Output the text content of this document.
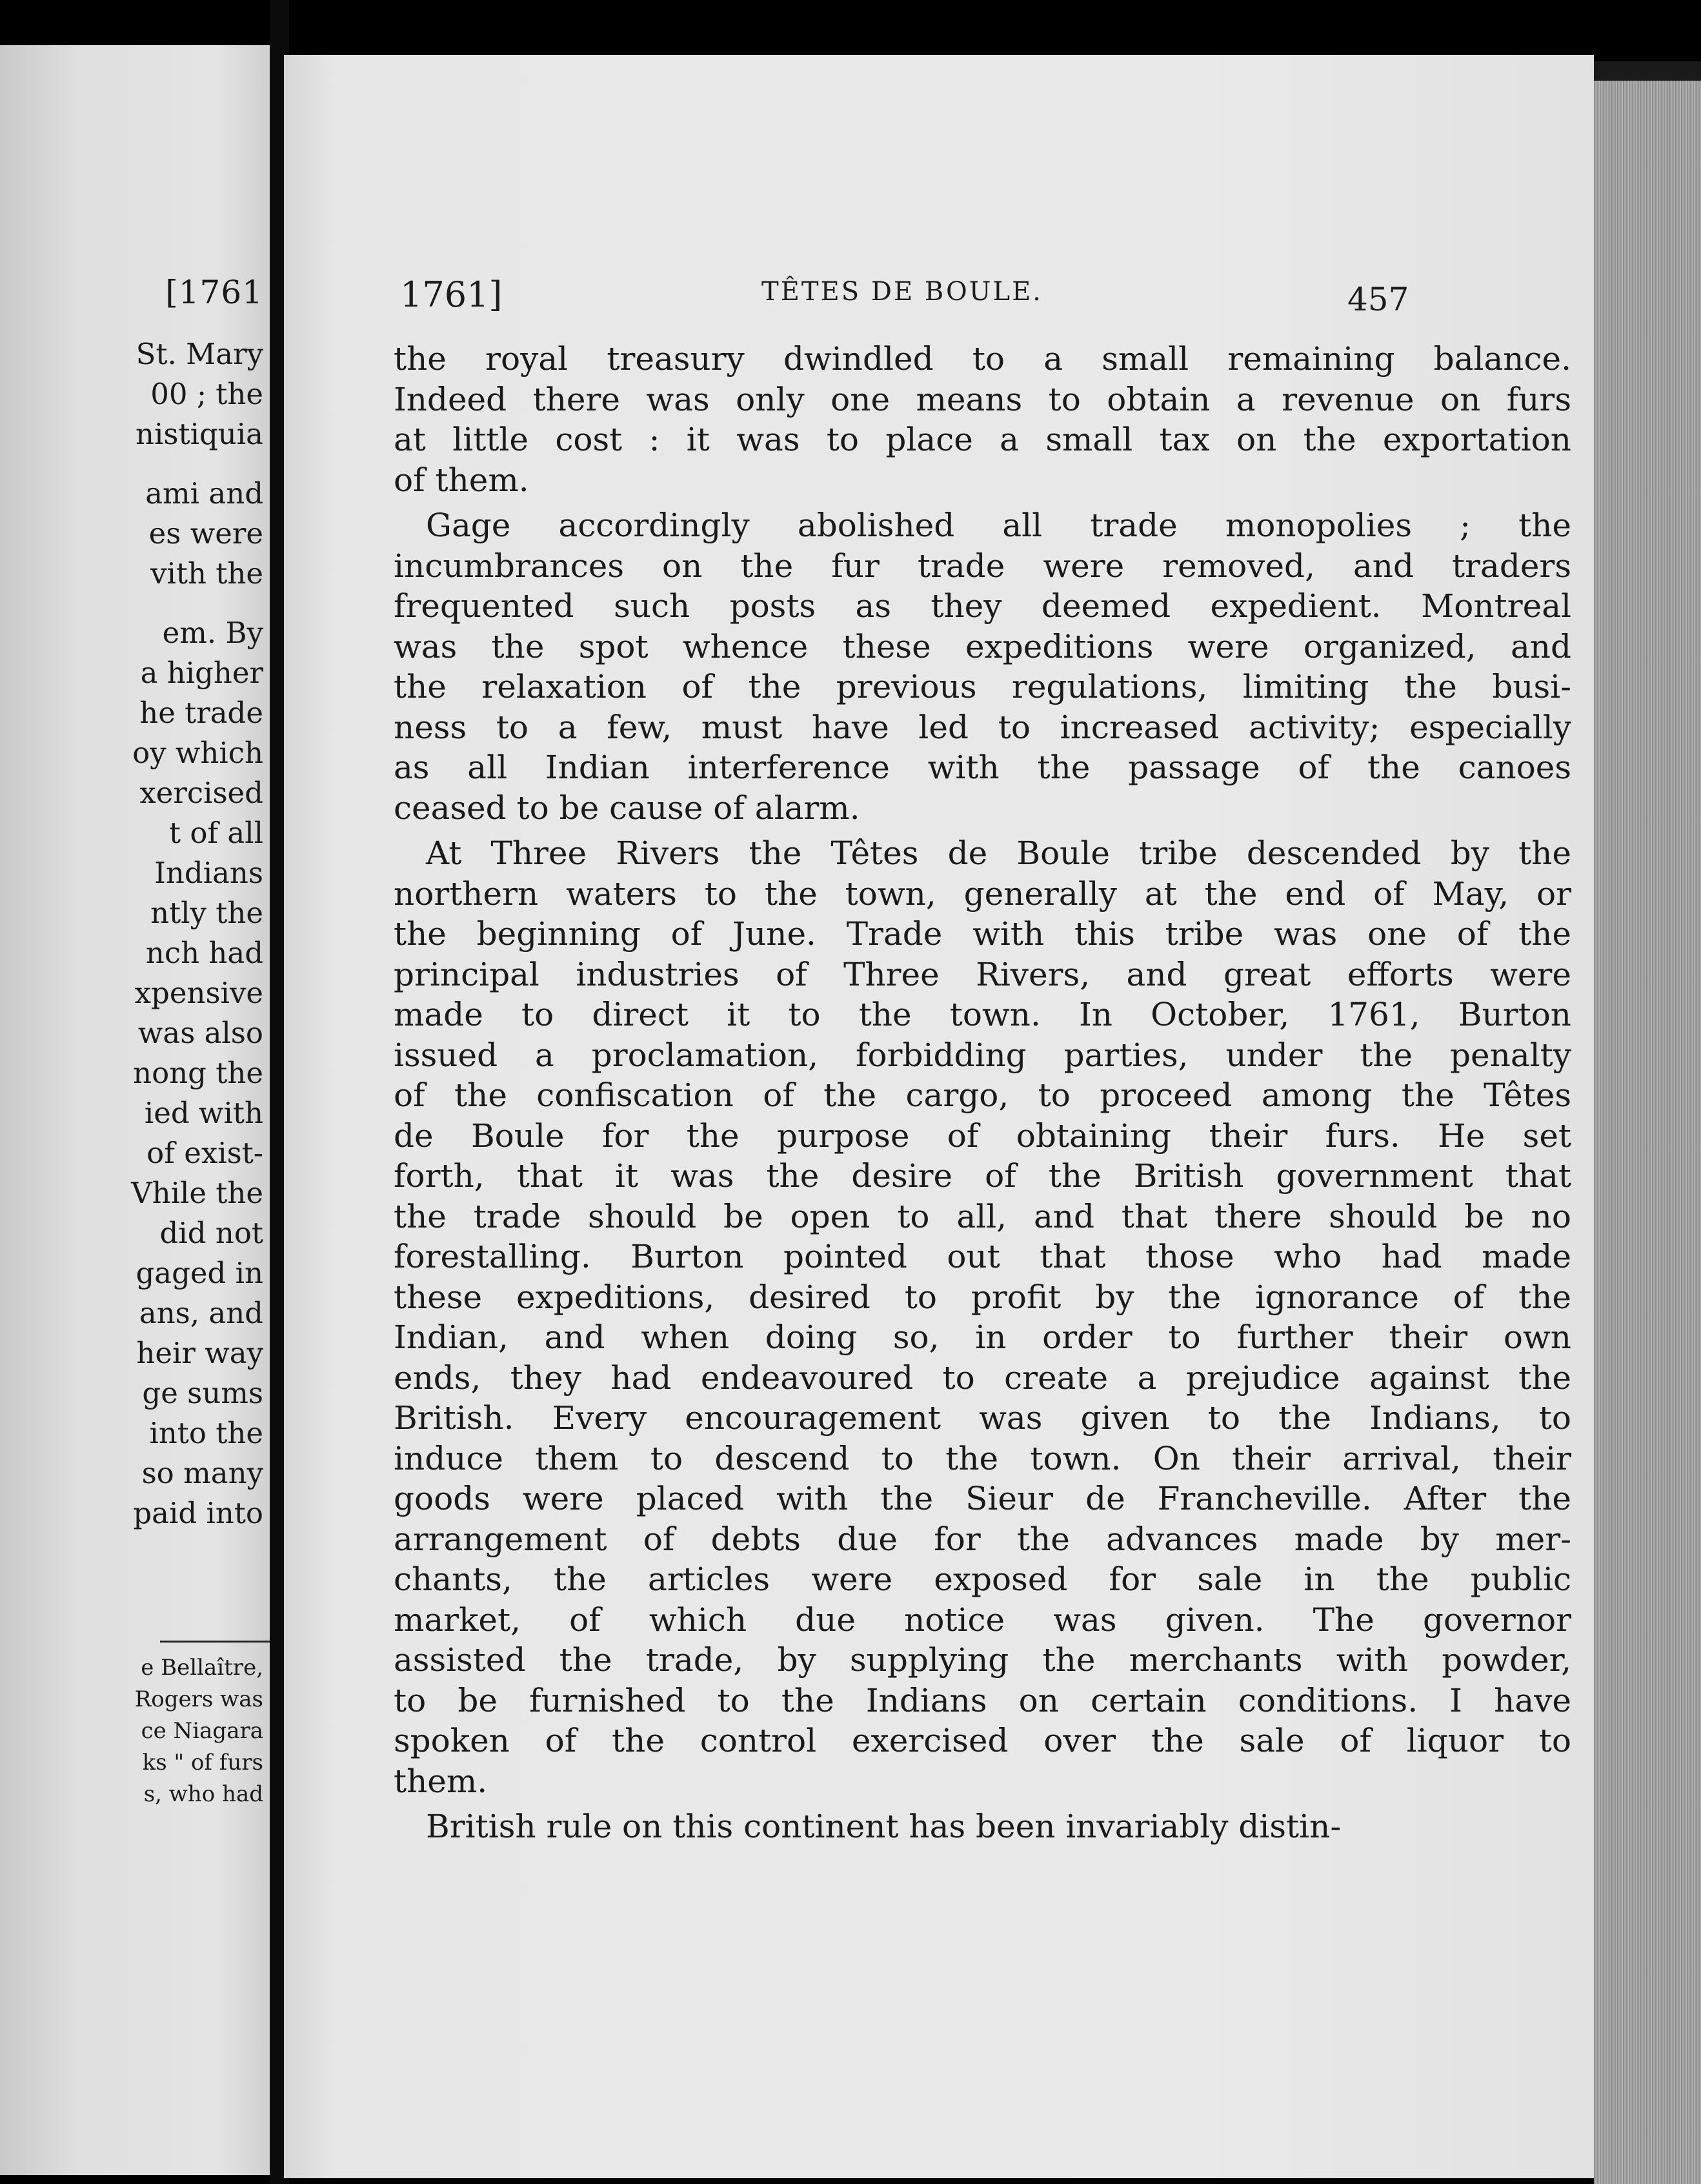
[1761
St. Mary
00 ; the
nistiquia
ami and
es were
vith the
em. By
a higher
he trade
oy which
xercised
t of all
Indians
ntly the
nch had
xpensive
was also
nong the
ied with
of exist-
Vhile the
did not
gaged in
ans, and
heir way
ge sums
into the
so many
paid into
e Bellaître,
Rogers was
ce Niagara
ks " of furs
s, who had
1761]	TÊTES DE BOULE.	457
the royal treasury dwindled to a small remaining balance.
Indeed there was only one means to obtain a revenue on furs
at little cost : it was to place a small tax on the exportation
of them.
Gage accordingly abolished all trade monopolies ; the
incumbrances on the fur trade were removed, and traders
frequented such posts as they deemed expedient. Montreal
was the spot whence these expeditions were organized, and
the relaxation of the previous regulations, limiting the busi-
ness to a few, must have led to increased activity; especially
as all Indian interference with the passage of the canoes
ceased to be cause of alarm.
At Three Rivers the Têtes de Boule tribe descended by the
northern waters to the town, generally at the end of May, or
the beginning of June. Trade with this tribe was one of the
principal industries of Three Rivers, and great efforts were
made to direct it to the town. In October, 1761, Burton
issued a proclamation, forbidding parties, under the penalty
of the confiscation of the cargo, to proceed among the Têtes
de Boule for the purpose of obtaining their furs. He set
forth, that it was the desire of the British government that
the trade should be open to all, and that there should be no
forestalling. Burton pointed out that those who had made
these expeditions, desired to profit by the ignorance of the
Indian, and when doing so, in order to further their own
ends, they had endeavoured to create a prejudice against the
British. Every encouragement was given to the Indians, to
induce them to descend to the town. On their arrival, their
goods were placed with the Sieur de Francheville. After the
arrangement of debts due for the advances made by mer-
chants, the articles were exposed for sale in the public
market, of which due notice was given. The governor
assisted the trade, by supplying the merchants with powder,
to be furnished to the Indians on certain conditions. I have
spoken of the control exercised over the sale of liquor to
them.
British rule on this continent has been invariably distin-
